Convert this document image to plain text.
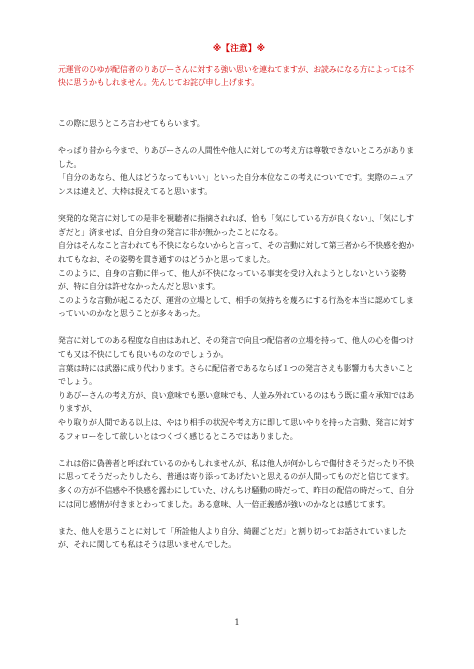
※【注意】※

元運営のひゆが配信者のりあびーさんに対する強い思いを連ねてますが、お読みになる方によっては不快に思うかもしれません。先んじてお詫び申し上げます。

この際に思うところ言わせてもらいます。

やっぱり昔から今まで、りあびーさんの人間性や他人に対しての考え方は尊敬できないところがありました。

「自分のあなら、他人はどうなってもいい」といった自分本位なこの考えについてです。実際のニュアンスは違えど、大枠は捉えてると思います。

突発的な発言に対しての是非を視聴者に指摘されれば、恰も「気にしている方が良くない」、「気にしすぎだと」済ませば、自分自身の発言に非が無かったことになる。

自分はそんなこと言われても不快にならないからと言って、その言動に対して第三者から不快感を抱かれてもなお、その姿勢を貫き通すのはどうかと思ってました。

このように、自身の言動に伴って、他人が不快になっている事実を受け入れようとしないという姿勢が、特に自分は許せなかったんだと思います。

このような言動が起こるたび、運営の立場として、相手の気持ちを蔑ろにする行為を本当に認めてしまっていいのかなと思うことが多々あった。

発言に対してのある程度な自由はあれど、その発言で向且つ配信者の立場を持って、他人の心を傷つけても又は不快にしても良いものなのでしょうか。

言葉は時には武器に成り代わります。さらに配信者であるならば１つの発言さえも影響力も大きいことでしょう。

りあびーさんの考え方が、良い意味でも悪い意味でも、人並み外れているのはもう既に重々承知ではありますが、

やり取りが人間である以上は、やはり相手の状況や考え方に即して思いやりを持った言動、発言に対するフォローをして欲しいとはつくづく感じるところではありました。

これは俗に偽善者と呼ばれているのかもしれませんが、私は他人が何かしらで傷付きそうだったり不快に思ってそうだったりしたら、普通は寄り添ってあげたいと思えるのが人間ってものだと信じてます。

多くの方が不信感や不快感を露わにしていた、けんちけ騒動の時だって、昨日の配信の時だって、自分には同じ感情が付きまとわってました。ある意味、人一倍正義感が強いのかなとは感じてます。

また、他人を思うことに対して「所詮他人より自分、綺麗ごとだ」と割り切ってお話されていましたが、それに関しても私はそうは思いませんでした。

1
